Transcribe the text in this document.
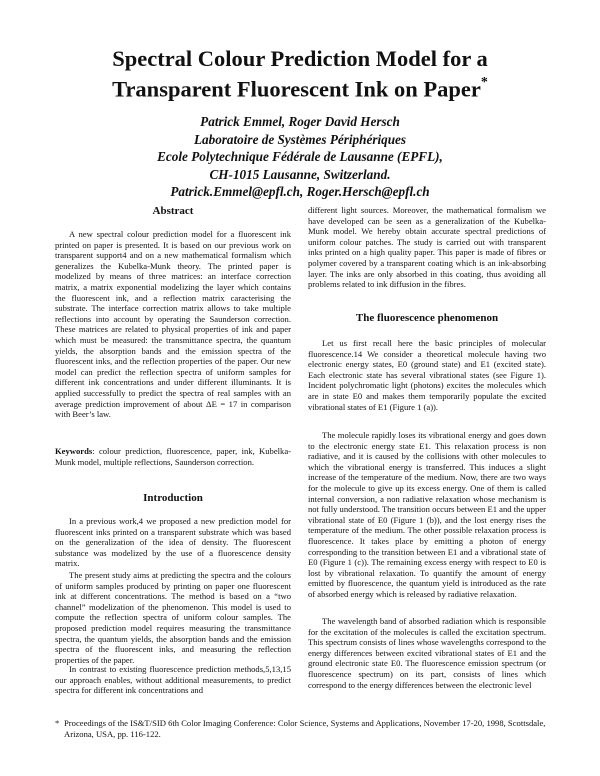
Spectral Colour Prediction Model for a
Transparent Fluorescent Ink on Paper*
Patrick Emmel, Roger David Hersch
Laboratoire de Systèmes Périphériques
Ecole Polytechnique Fédérale de Lausanne (EPFL),
CH-1015 Lausanne, Switzerland.
Patrick.Emmel@epfl.ch, Roger.Hersch@epfl.ch
Abstract
A new spectral colour prediction model for a fluorescent ink printed on paper is presented. It is based on our previous work on transparent support4 and on a new mathematical formalism which generalizes the Kubelka-Munk theory. The printed paper is modelized by means of three matrices: an interface correction matrix, a matrix exponential modelizing the layer which contains the fluorescent ink, and a reflection matrix caracterising the substrate. The interface correction matrix allows to take multiple reflections into account by operating the Saunderson correction. These matrices are related to physical properties of ink and paper which must be measured: the transmittance spectra, the quantum yields, the absorption bands and the emission spectra of the fluorescent inks, and the reflection properties of the paper. Our new model can predict the reflection spectra of uniform samples for different ink concentrations and under different illuminants. It is applied successfully to predict the spectra of real samples with an average prediction improvement of about ΔE = 17 in comparison with Beer’s law.
Keywords: colour prediction, fluorescence, paper, ink, Kubelka-Munk model, multiple reflections, Saunderson correction.
Introduction
In a previous work,4 we proposed a new prediction model for fluorescent inks printed on a transparent substrate which was based on the generalization of the idea of density. The fluorescent substance was modelized by the use of a fluorescence density matrix.
The present study aims at predicting the spectra and the colours of uniform samples produced by printing on paper one fluorescent ink at different concentrations. The method is based on a “two channel” modelization of the phenomenon. This model is used to compute the reflection spectra of uniform colour samples. The proposed prediction model requires measuring the transmittance spectra, the quantum yields, the absorption bands and the emission spectra of the fluorescent inks, and measuring the reflection properties of the paper.
In contrast to existing fluorescence prediction methods,5,13,15 our approach enables, without additional measurements, to predict spectra for different ink concentrations and
different light sources. Moreover, the mathematical formalism we have developed can be seen as a generalization of the Kubelka-Munk model. We hereby obtain accurate spectral predictions of uniform colour patches. The study is carried out with transparent inks printed on a high quality paper. This paper is made of fibres or polymer covered by a transparent coating which is an ink-absorbing layer. The inks are only absorbed in this coating, thus avoiding all problems related to ink diffusion in the fibres.
The fluorescence phenomenon
Let us first recall here the basic principles of molecular fluorescence.14 We consider a theoretical molecule having two electronic energy states, E0 (ground state) and E1 (excited state). Each electronic state has several vibrational states (see Figure 1). Incident polychromatic light (photons) excites the molecules which are in state E0 and makes them temporarily populate the excited vibrational states of E1 (Figure 1 (a)).
The molecule rapidly loses its vibrational energy and goes down to the electronic energy state E1. This relaxation process is non radiative, and it is caused by the collisions with other molecules to which the vibrational energy is transferred. This induces a slight increase of the temperature of the medium. Now, there are two ways for the molecule to give up its excess energy. One of them is called internal conversion, a non radiative relaxation whose mechanism is not fully understood. The transition occurs between E1 and the upper vibrational state of E0 (Figure 1 (b)), and the lost energy rises the temperature of the medium. The other possible relaxation process is fluorescence. It takes place by emitting a photon of energy corresponding to the transition between E1 and a vibrational state of E0 (Figure 1 (c)). The remaining excess energy with respect to E0 is lost by vibrational relaxation. To quantify the amount of energy emitted by fluorescence, the quantum yield is introduced as the rate of absorbed energy which is released by radiative relaxation.
The wavelength band of absorbed radiation which is responsible for the excitation of the molecules is called the excitation spectrum. This spectrum consists of lines whose wavelengths correspond to the energy differences between excited vibrational states of E1 and the ground electronic state E0. The fluorescence emission spectrum (or fluorescence spectrum) on its part, consists of lines which correspond to the energy differences between the electronic level
* Proceedings of the IS&T/SID 6th Color Imaging Conference: Color Science, Systems and Applications, November 17-20, 1998, Scottsdale, Arizona, USA, pp. 116-122.
